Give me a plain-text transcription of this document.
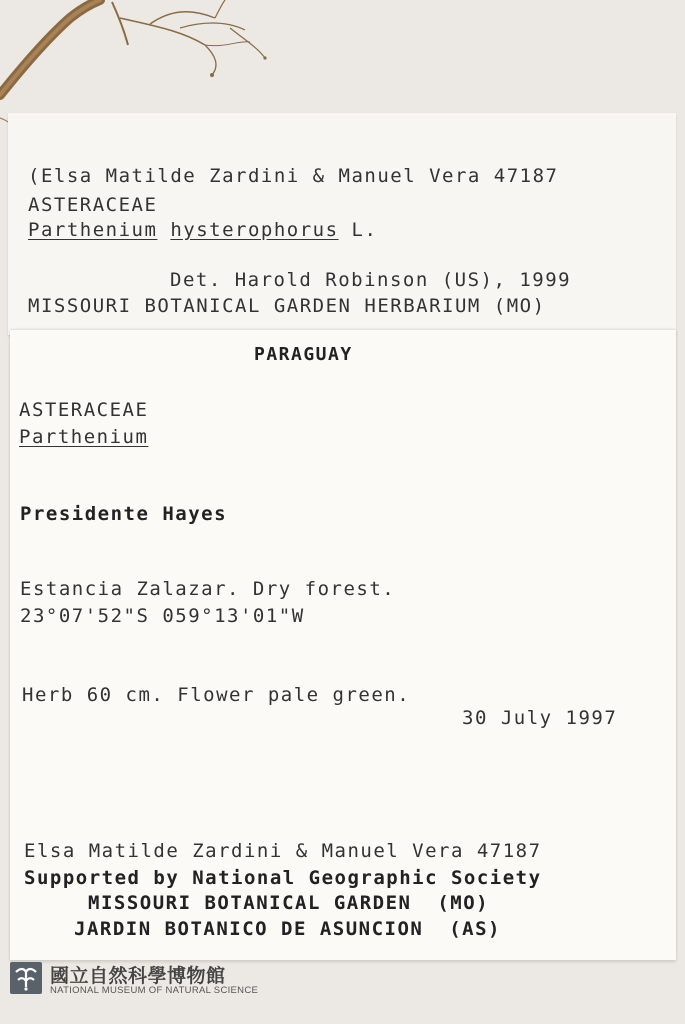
(Elsa Matilde Zardini & Manuel Vera 47187
ASTERACEAE
Parthenium hysterophorus L.
Det. Harold Robinson (US), 1999
MISSOURI BOTANICAL GARDEN HERBARIUM (MO)
PARAGUAY
ASTERACEAE
Parthenium
Presidente Hayes
Estancia Zalazar. Dry forest.
23°07'52"S 059°13'01"W
Herb 60 cm. Flower pale green.
30 July 1997
Elsa Matilde Zardini & Manuel Vera 47187
Supported by National Geographic Society
MISSOURI BOTANICAL GARDEN  (MO)
JARDIN BOTANICO DE ASUNCION  (AS)
國立自然科學博物館
NATIONAL MUSEUM OF NATURAL SCIENCE
